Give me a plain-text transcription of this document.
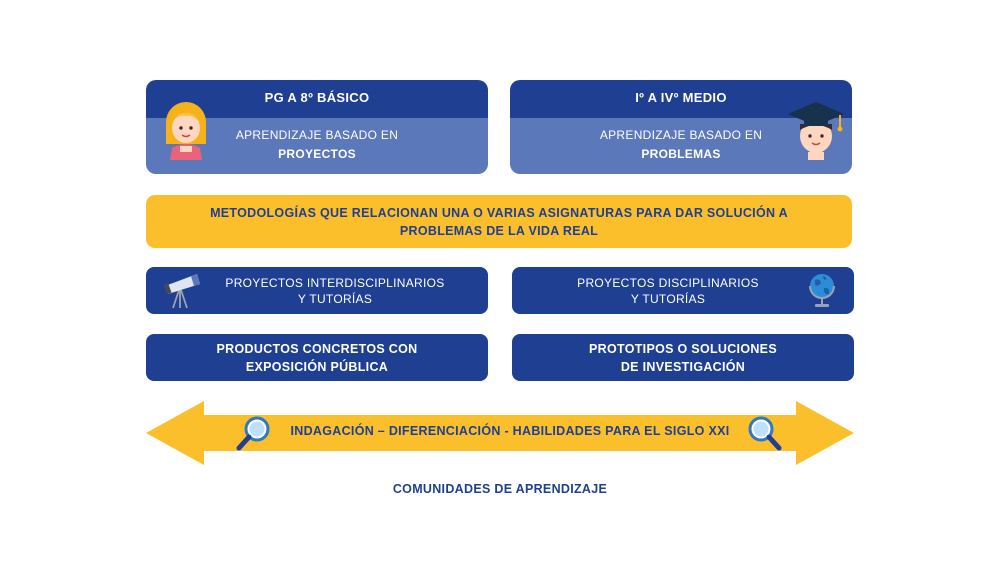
PG A 8º BÁSICO
APRENDIZAJE BASADO EN
PROYECTOS
Iº A IVº MEDIO
APRENDIZAJE BASADO EN
PROBLEMAS
METODOLOGÍAS QUE RELACIONAN UNA O VARIAS ASIGNATURAS PARA DAR SOLUCIÓN A
PROBLEMAS DE LA VIDA REAL
PROYECTOS INTERDISCIPLINARIOS
Y TUTORÍAS
PROYECTOS DISCIPLINARIOS
Y TUTORÍAS
PRODUCTOS CONCRETOS CON
EXPOSICIÓN PÚBLICA
PROTOTIPOS O SOLUCIONES
DE INVESTIGACIÓN
INDAGACIÓN – DIFERENCIACIÓN - HABILIDADES PARA EL SIGLO XXI
COMUNIDADES DE APRENDIZAJE
